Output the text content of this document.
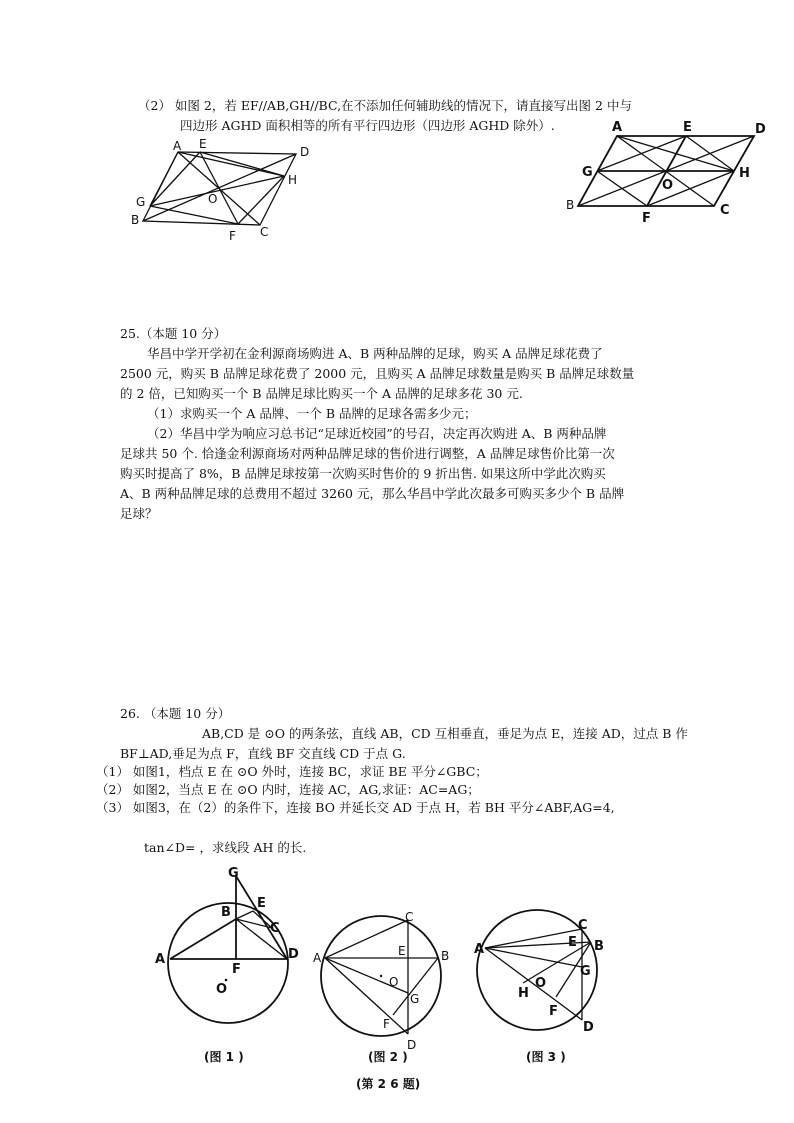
（2） 如图 2，若 EF//AB,GH//BC,在不添加任何辅助线的情况下，请直接写出图 2 中与
四边形 AGHD 面积相等的所有平行四边形（四边形 AGHD 除外）.
A E
D
H
G	O
B
F C
A	E	D
G	H
O
B
F
C
25.（本题 10 分）
华昌中学开学初在金利源商场购进 A、B 两种品牌的足球，购买 A 品牌足球花费了
2500 元，购买 B 品牌足球花费了 2000 元，且购买 A 品牌足球数量是购买 B 品牌足球数量
的 2 倍，已知购买一个 B 品牌足球比购买一个 A 品牌的足球多花 30 元.
（1）求购买一个 A 品牌、一个 B 品牌的足球各需多少元；
（2）华昌中学为响应习总书记“足球近校园”的号召，决定再次购进 A、B 两种品牌
足球共 50 个. 恰逢金利源商场对两种品牌足球的售价进行调整，A 品牌足球售价比第一次
购买时提高了 8%，B 品牌足球按第一次购买时售价的 9 折出售. 如果这所中学此次购买
A、B 两种品牌足球的总费用不超过 3260 元，那么华昌中学此次最多可购买多少个 B 品牌
足球？
26. （本题 10 分）
AB,CD 是 ⊙O 的两条弦，直线 AB，CD 互相垂直，垂足为点 E，连接 AD，过点 B 作
BF⊥AD,垂足为点 F，直线 BF 交直线 CD 于点 G.
（1） 如图1，档点 E 在 ⊙O 外时，连接 BC，求证 BE 平分∠GBC；
（2） 如图2，当点 E 在 ⊙O 内时，连接 AC，AG,求证：AC=AG；
（3） 如图3，在（2）的条件下，连接 BO 并延长交 AD 于点 H，若 BH 平分∠ABF,AG=4,
tan∠D= ，求线段 AH 的长.
G
E
B
C
A	D
F
O
C
A	E	B
O
G
F
D
C
E B
A
G
O
H
F
D
(图 1 )	(图 2 )	(图 3 )
(第 2 6 题)
